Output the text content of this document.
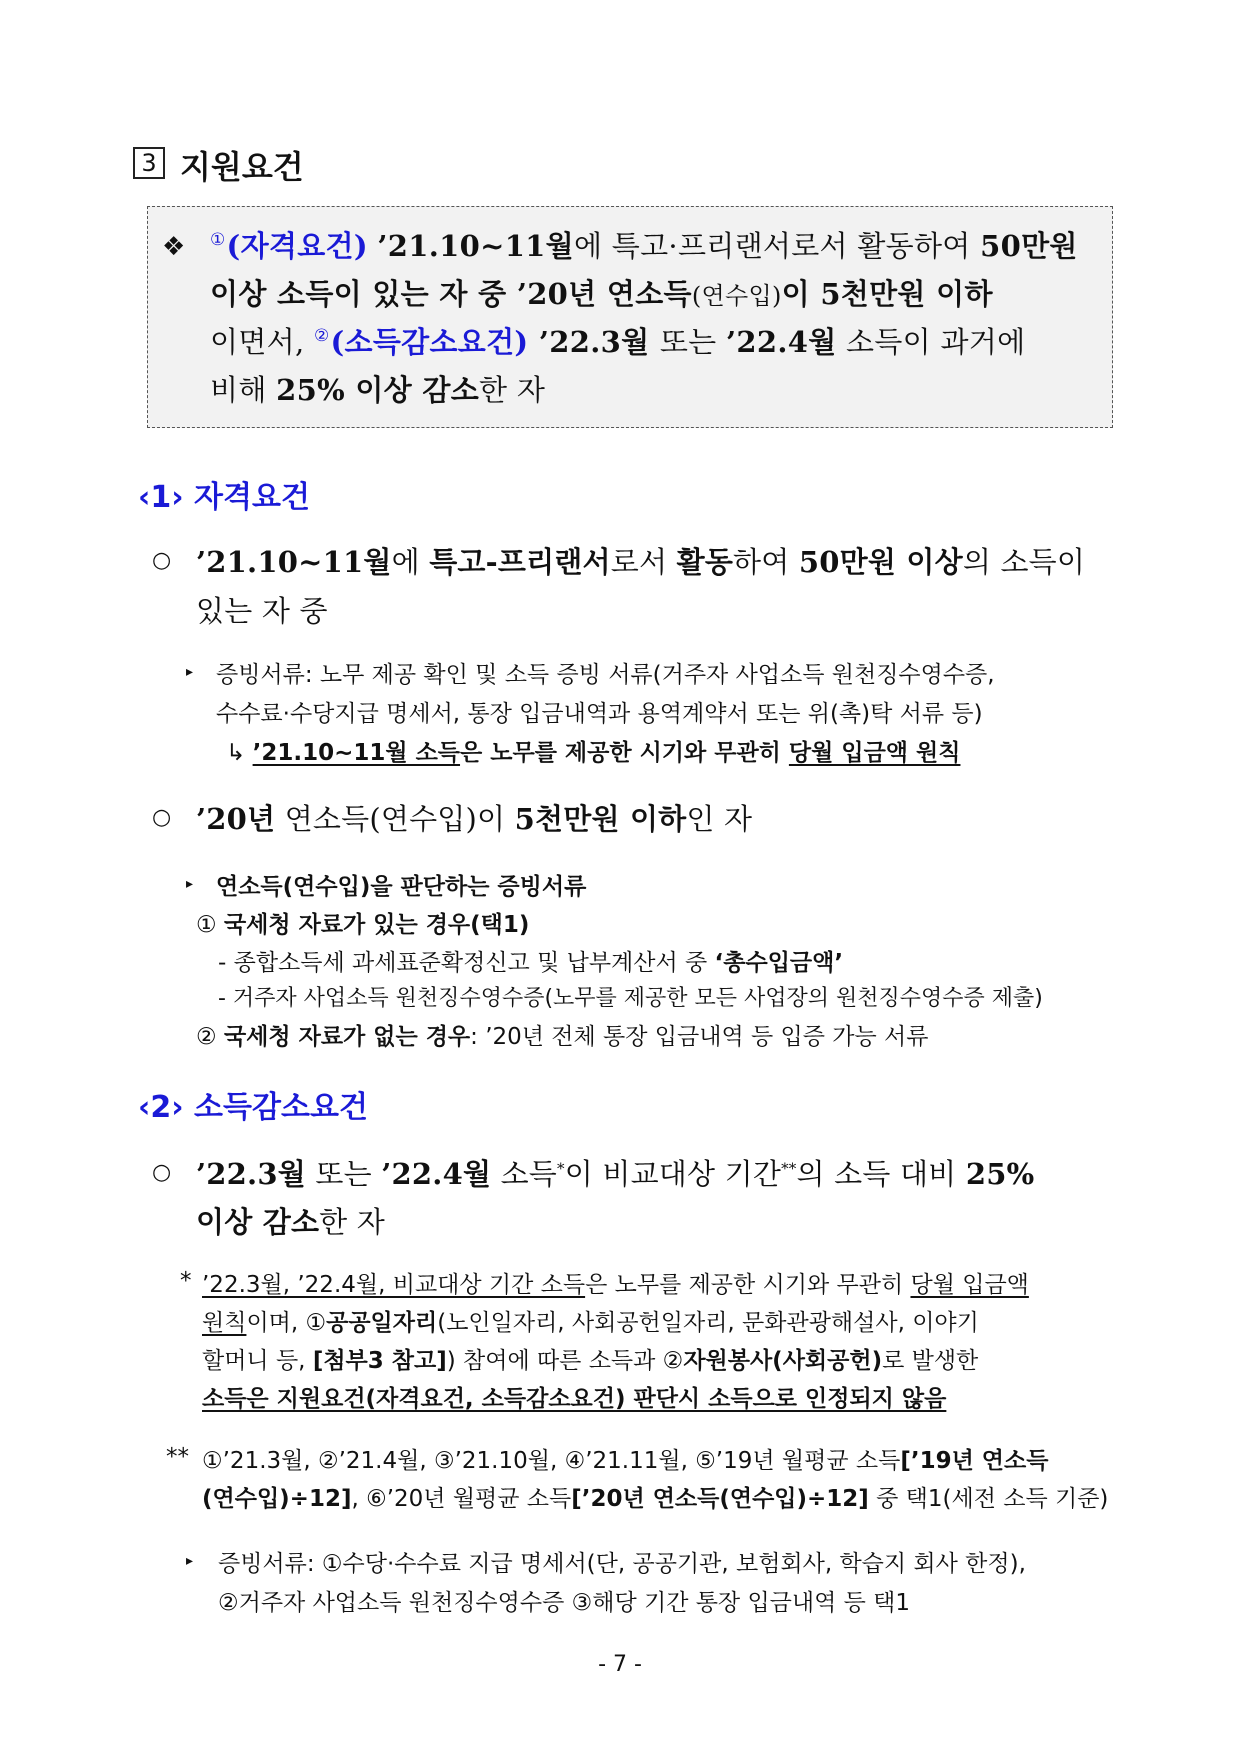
3 지원요건
❖ ①(자격요건) ’21.10~11월에 특고·프리랜서로서 활동하여 50만원
이상 소득이 있는 자 중 ’20년 연소득(연수입)이 5천만원 이하
이면서, ②(소득감소요건) ’22.3월 또는 ’22.4월 소득이 과거에
비해 25% 이상 감소한 자
‹1› 자격요건
○ ’21.10~11월에 특고-프리랜서로서 활동하여 50만원 이상의 소득이
있는 자 중
▸ 증빙서류: 노무 제공 확인 및 소득 증빙 서류(거주자 사업소득 원천징수영수증,
수수료·수당지급 명세서, 통장 입금내역과 용역계약서 또는 위(촉)탁 서류 등)
↳ ’21.10~11월 소득은 노무를 제공한 시기와 무관히 당월 입금액 원칙
○ ’20년 연소득(연수입)이 5천만원 이하인 자
▸ 연소득(연수입)을 판단하는 증빙서류
① 국세청 자료가 있는 경우(택1)
- 종합소득세 과세표준확정신고 및 납부계산서 중 ‘총수입금액’
- 거주자 사업소득 원천징수영수증(노무를 제공한 모든 사업장의 원천징수영수증 제출)
② 국세청 자료가 없는 경우: ’20년 전체 통장 입금내역 등 입증 가능 서류
‹2› 소득감소요건
○ ’22.3월 또는 ’22.4월 소득*이 비교대상 기간**의 소득 대비 25%
이상 감소한 자
* ’22.3월, ’22.4월, 비교대상 기간 소득은 노무를 제공한 시기와 무관히 당월 입금액
원칙이며, ①공공일자리(노인일자리, 사회공헌일자리, 문화관광해설사, 이야기
할머니 등, [첨부3 참고]) 참여에 따른 소득과 ②자원봉사(사회공헌)로 발생한
소득은 지원요건(자격요건, 소득감소요건) 판단시 소득으로 인정되지 않음
** ①’21.3월, ②’21.4월, ③’21.10월, ④’21.11월, ⑤’19년 월평균 소득[’19년 연소득
(연수입)÷12], ⑥’20년 월평균 소득[’20년 연소득(연수입)÷12] 중 택1(세전 소득 기준)
▸ 증빙서류: ①수당·수수료 지급 명세서(단, 공공기관, 보험회사, 학습지 회사 한정),
②거주자 사업소득 원천징수영수증 ③해당 기간 통장 입금내역 등 택1
- 7 -
